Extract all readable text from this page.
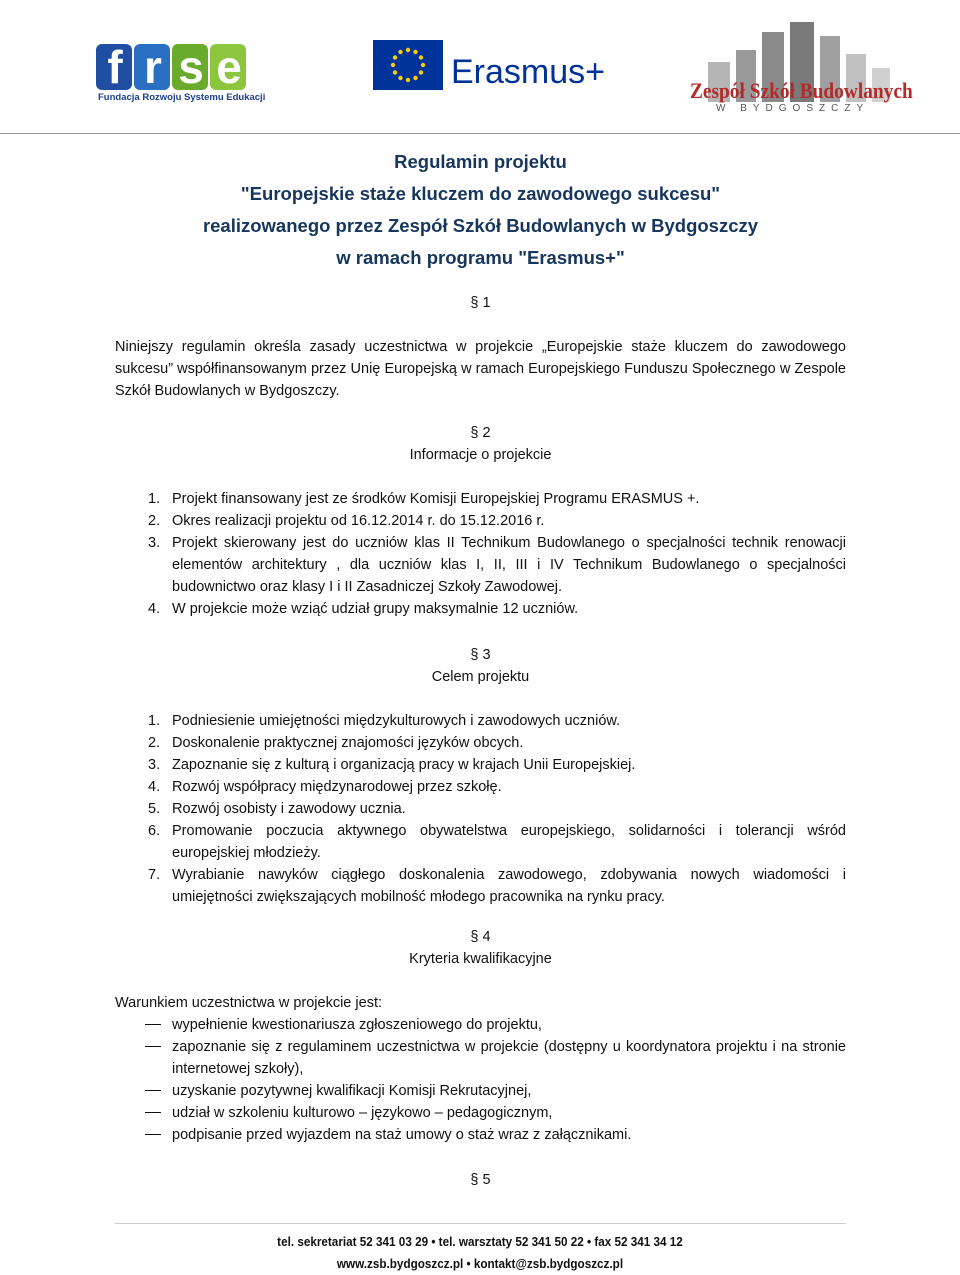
f r s e
Fundacja Rozwoju Systemu Edukacji
Erasmus+	Zespół Szkół Budowlanych
W BYDGOSZCZY
Regulamin projektu
"Europejskie staże kluczem do zawodowego sukcesu"
realizowanego przez Zespół Szkół Budowlanych w Bydgoszczy
w ramach programu "Erasmus+"
§ 1
Niniejszy regulamin określa zasady uczestnictwa w projekcie „Europejskie staże kluczem do zawodowego sukcesu” współfinansowanym przez Unię Europejską w ramach Europejskiego Funduszu Społecznego w Zespole Szkół Budowlanych w Bydgoszczy.
§ 2
Informacje o projekcie
1. Projekt finansowany jest ze środków Komisji Europejskiej Programu ERASMUS +.
2. Okres realizacji projektu od 16.12.2014 r. do 15.12.2016 r.
3. Projekt skierowany jest do uczniów klas II Technikum Budowlanego o specjalności technik renowacji elementów architektury , dla uczniów klas I, II, III i IV Technikum Budowlanego o specjalności budownictwo oraz klasy I i II Zasadniczej Szkoły Zawodowej.
4. W projekcie może wziąć udział grupy maksymalnie 12 uczniów.
§ 3
Celem projektu
1. Podniesienie umiejętności międzykulturowych i zawodowych uczniów.
2. Doskonalenie praktycznej znajomości języków obcych.
3. Zapoznanie się z kulturą i organizacją pracy w krajach Unii Europejskiej.
4. Rozwój współpracy międzynarodowej przez szkołę.
5. Rozwój osobisty i zawodowy ucznia.
6. Promowanie poczucia aktywnego obywatelstwa europejskiego, solidarności i tolerancji wśród europejskiej młodzieży.
7. Wyrabianie nawyków ciągłego doskonalenia zawodowego, zdobywania nowych wiadomości i umiejętności zwiększających mobilność młodego pracownika na rynku pracy.
§ 4
Kryteria kwalifikacyjne
Warunkiem uczestnictwa w projekcie jest:
wypełnienie kwestionariusza zgłoszeniowego do projektu,
zapoznanie się z regulaminem uczestnictwa w projekcie (dostępny u koordynatora projektu i na stronie internetowej szkoły),
uzyskanie pozytywnej kwalifikacji Komisji Rekrutacyjnej,
udział w szkoleniu kulturowo – językowo – pedagogicznym,
podpisanie przed wyjazdem na staż umowy o staż wraz z załącznikami.
§ 5
tel. sekretariat 52 341 03 29 • tel. warsztaty 52 341 50 22 • fax 52 341 34 12
www.zsb.bydgoszcz.pl • kontakt@zsb.bydgoszcz.pl
